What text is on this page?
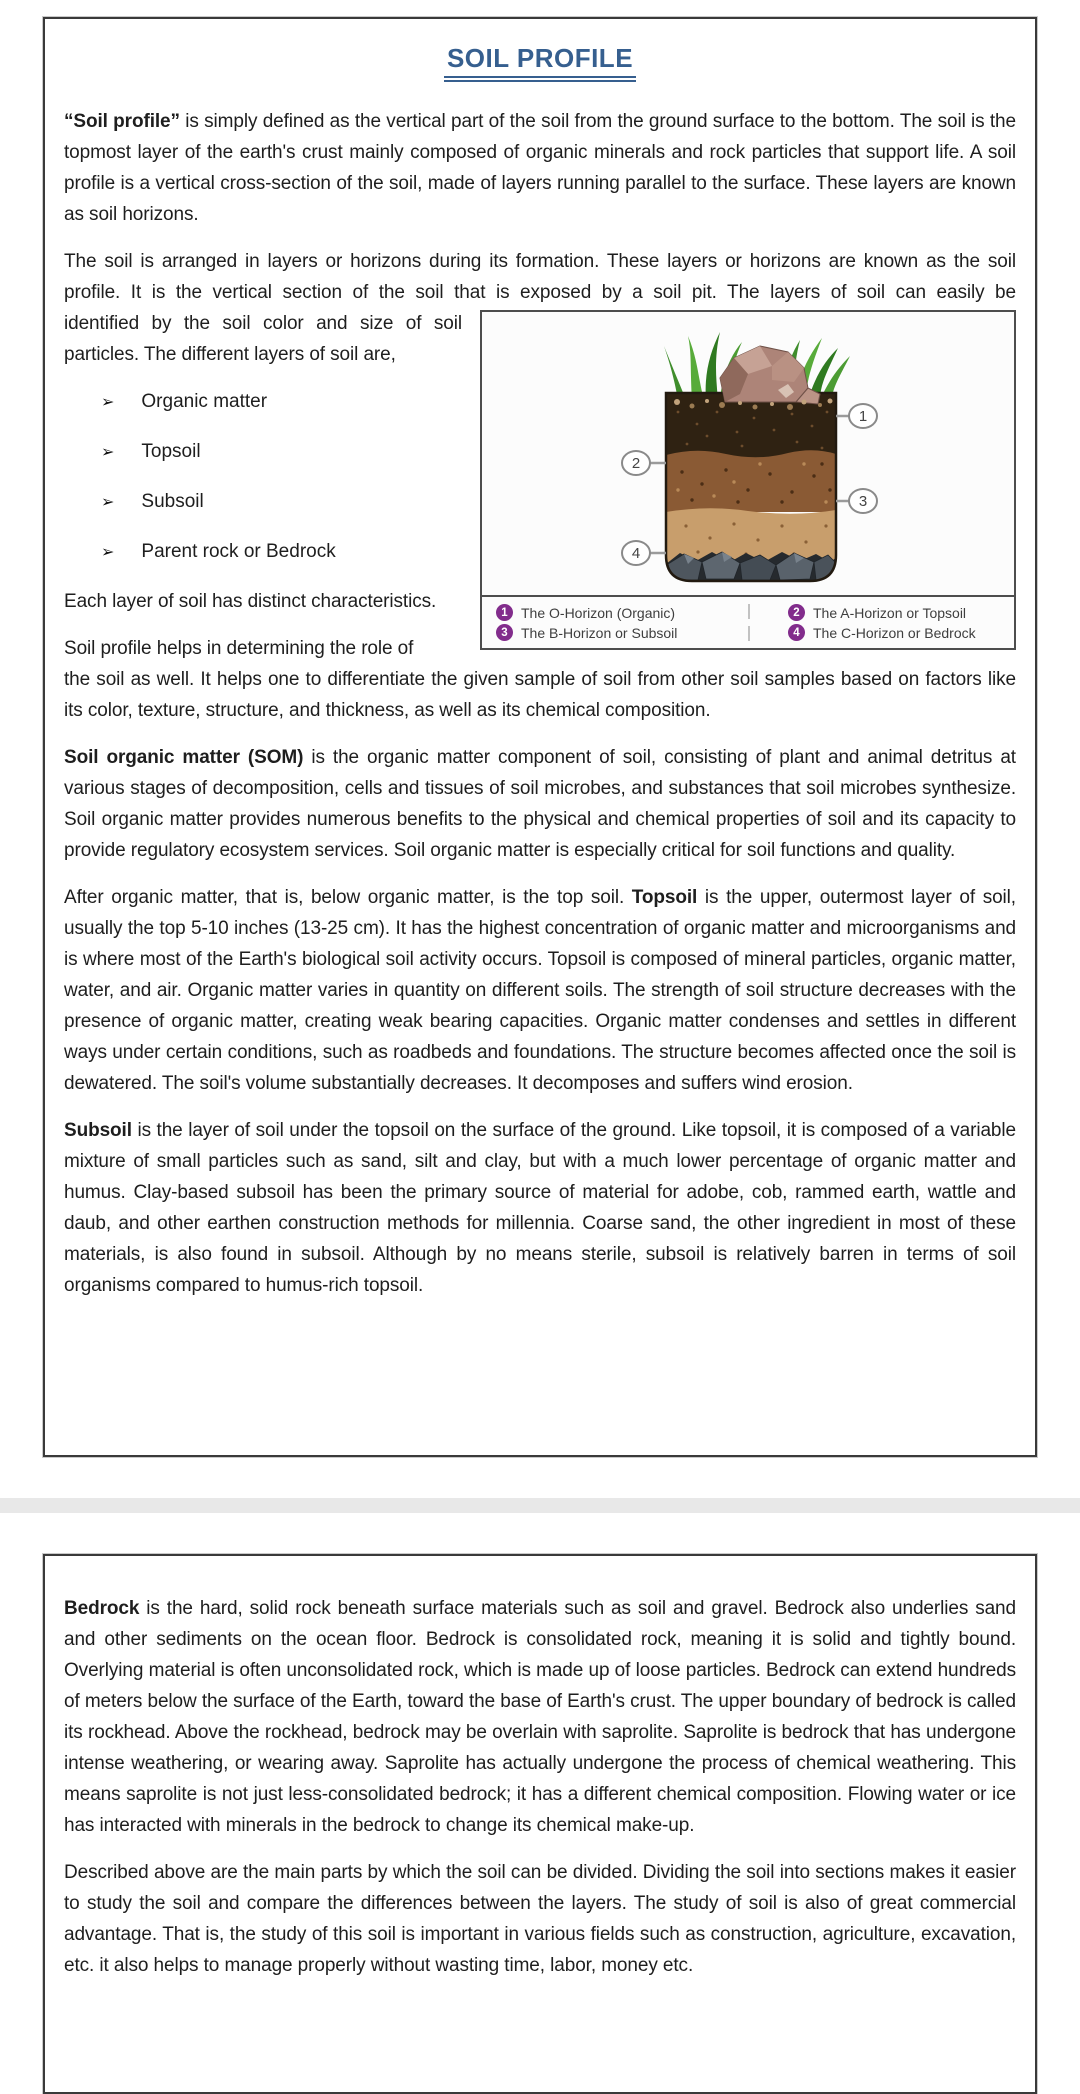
SOIL PROFILE

“Soil profile” is simply defined as the vertical part of the soil from the ground surface to the bottom. The soil is the topmost layer of the earth's crust mainly composed of organic minerals and rock particles that support life. A soil profile is a vertical cross-section of the soil, made of layers running parallel to the surface. These layers are known as soil horizons.

The soil is arranged in layers or horizons during its formation. These layers or horizons are known as the soil profile. It is the vertical section of the soil that is exposed by a soil pit. The layers of soil can easily be

1
2
3
4
1 The O-Horizon (Organic)	2 The A-Horizon or Topsoil
3 The B-Horizon or Subsoil	4 The C-Horizon or Bedrock

identified by the soil color and size of soil particles. The different layers of soil are,

➢ Organic matter
➢ Topsoil
➢ Subsoil
➢ Parent rock or Bedrock

Each layer of soil has distinct characteristics.

Soil profile helps in determining the role of

the soil as well. It helps one to differentiate the given sample of soil from other soil samples based on factors like its color, texture, structure, and thickness, as well as its chemical composition.

Soil organic matter (SOM) is the organic matter component of soil, consisting of plant and animal detritus at various stages of decomposition, cells and tissues of soil microbes, and substances that soil microbes synthesize. Soil organic matter provides numerous benefits to the physical and chemical properties of soil and its capacity to provide regulatory ecosystem services. Soil organic matter is especially critical for soil functions and quality.

After organic matter, that is, below organic matter, is the top soil. Topsoil is the upper, outermost layer of soil, usually the top 5-10 inches (13-25 cm). It has the highest concentration of organic matter and microorganisms and is where most of the Earth's biological soil activity occurs. Topsoil is composed of mineral particles, organic matter, water, and air. Organic matter varies in quantity on different soils. The strength of soil structure decreases with the presence of organic matter, creating weak bearing capacities. Organic matter condenses and settles in different ways under certain conditions, such as roadbeds and foundations. The structure becomes affected once the soil is dewatered. The soil's volume substantially decreases. It decomposes and suffers wind erosion.

Subsoil is the layer of soil under the topsoil on the surface of the ground. Like topsoil, it is composed of a variable mixture of small particles such as sand, silt and clay, but with a much lower percentage of organic matter and humus. Clay-based subsoil has been the primary source of material for adobe, cob, rammed earth, wattle and daub, and other earthen construction methods for millennia. Coarse sand, the other ingredient in most of these materials, is also found in subsoil. Although by no means sterile, subsoil is relatively barren in terms of soil organisms compared to humus-rich topsoil.

Bedrock is the hard, solid rock beneath surface materials such as soil and gravel. Bedrock also underlies sand and other sediments on the ocean floor. Bedrock is consolidated rock, meaning it is solid and tightly bound. Overlying material is often unconsolidated rock, which is made up of loose particles. Bedrock can extend hundreds of meters below the surface of the Earth, toward the base of Earth's crust. The upper boundary of bedrock is called its rockhead. Above the rockhead, bedrock may be overlain with saprolite. Saprolite is bedrock that has undergone intense weathering, or wearing away. Saprolite has actually undergone the process of chemical weathering. This means saprolite is not just less-consolidated bedrock; it has a different chemical composition. Flowing water or ice has interacted with minerals in the bedrock to change its chemical make-up.

Described above are the main parts by which the soil can be divided. Dividing the soil into sections makes it easier to study the soil and compare the differences between the layers. The study of soil is also of great commercial advantage. That is, the study of this soil is important in various fields such as construction, agriculture, excavation, etc. it also helps to manage properly without wasting time, labor, money etc.
